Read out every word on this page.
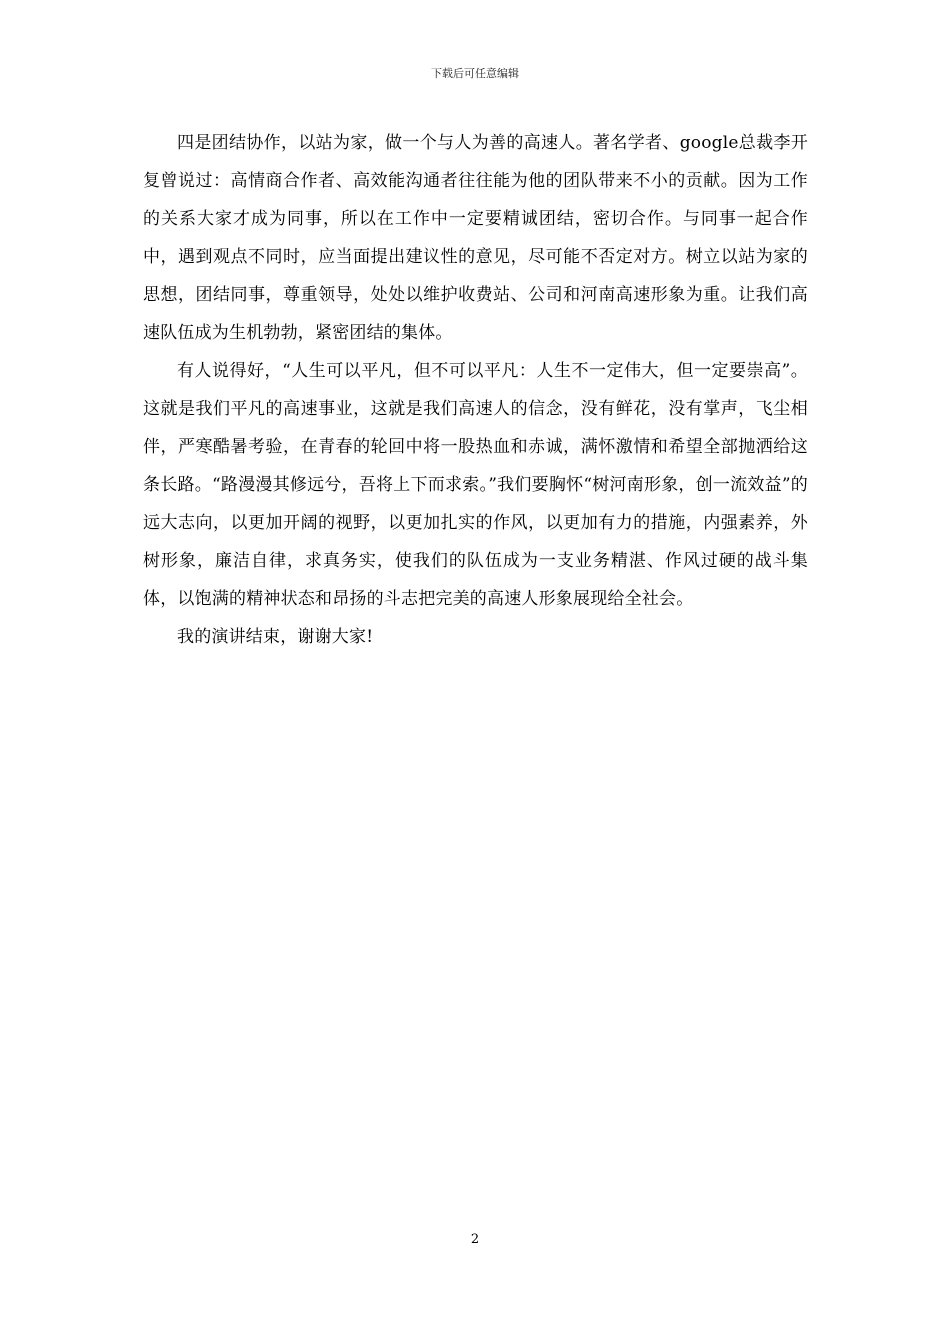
下载后可任意编辑

四是团结协作，以站为家，做一个与人为善的高速人。著名学者、google总裁李开复曾说过：高情商合作者、高效能沟通者往往能为他的团队带来不小的贡献。因为工作的关系大家才成为同事，所以在工作中一定要精诚团结，密切合作。与同事一起合作中，遇到观点不同时，应当面提出建议性的意见，尽可能不否定对方。树立以站为家的思想，团结同事，尊重领导，处处以维护收费站、公司和河南高速形象为重。让我们高速队伍成为生机勃勃，紧密团结的集体。

有人说得好，“人生可以平凡，但不可以平凡：人生不一定伟大，但一定要崇高”。这就是我们平凡的高速事业，这就是我们高速人的信念，没有鲜花，没有掌声，飞尘相伴，严寒酷暑考验，在青春的轮回中将一股热血和赤诚，满怀激情和希望全部抛洒给这条长路。“路漫漫其修远兮，吾将上下而求索。”我们要胸怀“树河南形象，创一流效益”的远大志向，以更加开阔的视野，以更加扎实的作风，以更加有力的措施，内强素养，外树形象，廉洁自律，求真务实，使我们的队伍成为一支业务精湛、作风过硬的战斗集体，以饱满的精神状态和昂扬的斗志把完美的高速人形象展现给全社会。

我的演讲结束，谢谢大家!

2
